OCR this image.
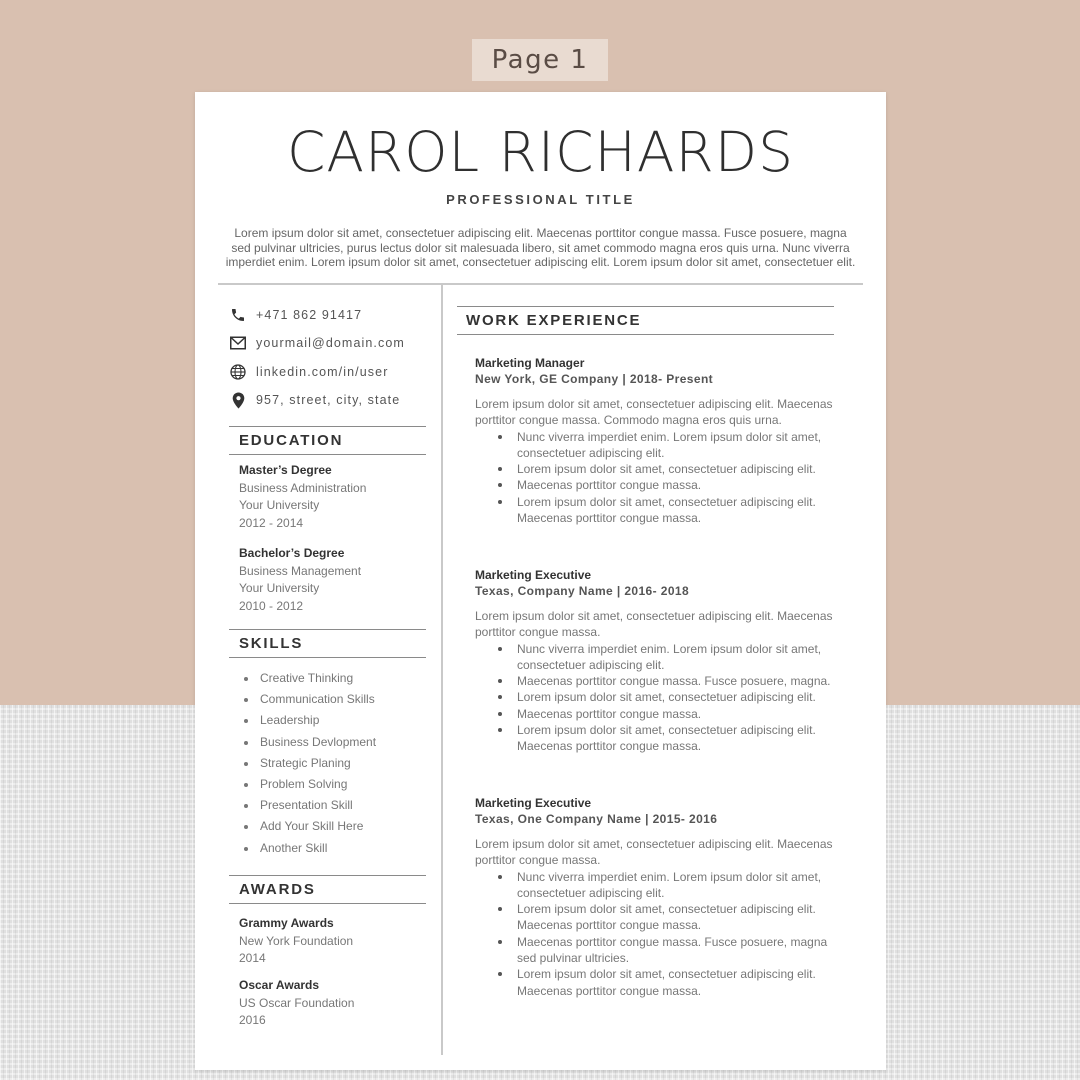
Page 1
CAROL RICHARDS
PROFESSIONAL TITLE
Lorem ipsum dolor sit amet, consectetuer adipiscing elit. Maecenas porttitor congue massa. Fusce posuere, magna sed pulvinar ultricies, purus lectus dolor sit malesuada libero, sit amet commodo magna eros quis urna. Nunc viverra imperdiet enim. Lorem ipsum dolor sit amet, consectetuer adipiscing elit. Lorem ipsum dolor sit amet, consectetuer elit.
+471 862 91417
yourmail@domain.com
linkedin.com/in/user
957, street, city, state
EDUCATION
Master’s Degree
Business Administration
Your University
2012 - 2014
Bachelor’s Degree
Business Management
Your University
2010 - 2012
SKILLS
Creative Thinking
Communication Skills
Leadership
Business Devlopment
Strategic Planing
Problem Solving
Presentation Skill
Add Your Skill Here
Another Skill
AWARDS
Grammy Awards
New York Foundation
2014
Oscar Awards
US Oscar Foundation
2016
WORK EXPERIENCE
Marketing Manager
New York, GE Company | 2018- Present
Lorem ipsum dolor sit amet, consectetuer adipiscing elit. Maecenas porttitor congue massa. Commodo magna eros quis urna.
Nunc viverra imperdiet enim. Lorem ipsum dolor sit amet, consectetuer adipiscing elit.
Lorem ipsum dolor sit amet, consectetuer adipiscing elit.
Maecenas porttitor congue massa.
Lorem ipsum dolor sit amet, consectetuer adipiscing elit. Maecenas porttitor congue massa.
Marketing Executive
Texas, Company Name | 2016- 2018
Lorem ipsum dolor sit amet, consectetuer adipiscing elit. Maecenas porttitor congue massa.
Nunc viverra imperdiet enim. Lorem ipsum dolor sit amet, consectetuer adipiscing elit.
Maecenas porttitor congue massa. Fusce posuere, magna.
Lorem ipsum dolor sit amet, consectetuer adipiscing elit.
Maecenas porttitor congue massa.
Lorem ipsum dolor sit amet, consectetuer adipiscing elit. Maecenas porttitor congue massa.
Marketing Executive
Texas, One Company Name | 2015- 2016
Lorem ipsum dolor sit amet, consectetuer adipiscing elit. Maecenas porttitor congue massa.
Nunc viverra imperdiet enim. Lorem ipsum dolor sit amet, consectetuer adipiscing elit.
Lorem ipsum dolor sit amet, consectetuer adipiscing elit. Maecenas porttitor congue massa.
Maecenas porttitor congue massa. Fusce posuere, magna sed pulvinar ultricies.
Lorem ipsum dolor sit amet, consectetuer adipiscing elit. Maecenas porttitor congue massa.
